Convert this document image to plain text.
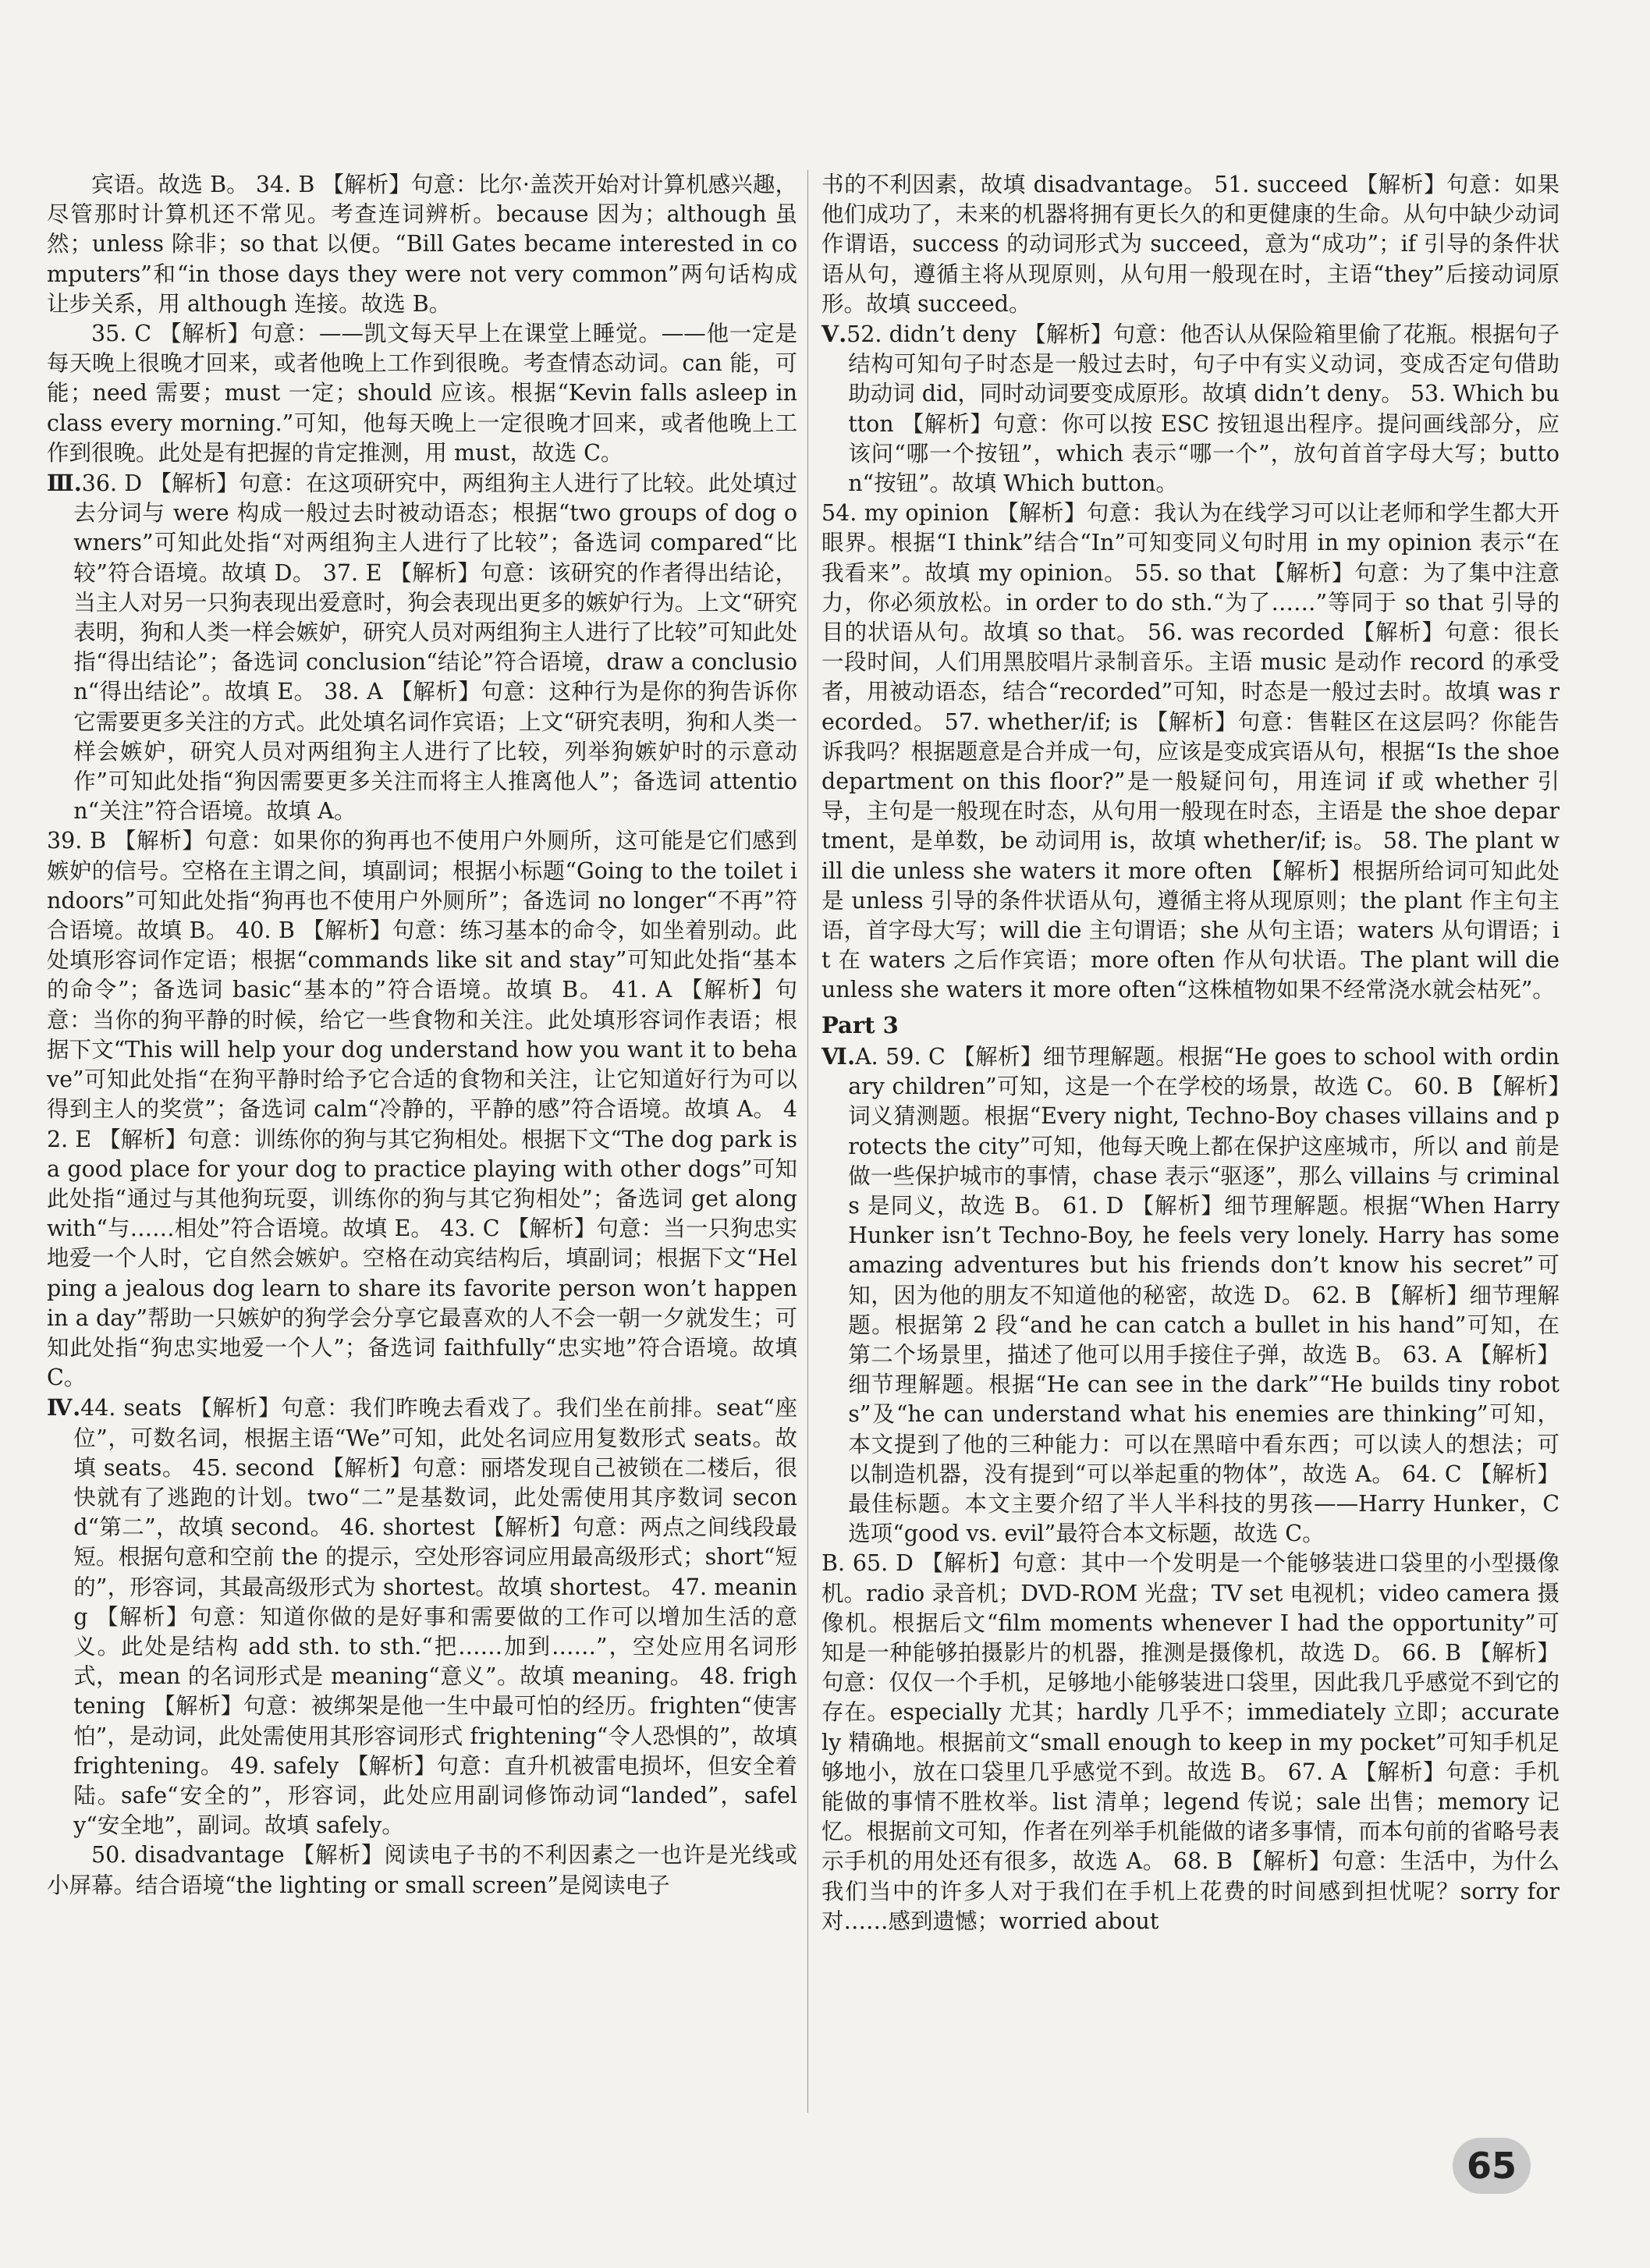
宾语。故选 B。 34. B 【解析】句意：比尔·盖茨开始对计算机感兴趣，尽管那时计算机还不常见。考查连词辨析。because 因为；although 虽然；unless 除非；so that 以便。“Bill Gates became interested in computers”和“in those days they were not very common”两句话构成让步关系，用 although 连接。故选 B。

35. C 【解析】句意：——凯文每天早上在课堂上睡觉。——他一定是每天晚上很晚才回来，或者他晚上工作到很晚。考查情态动词。can 能，可能；need 需要；must 一定；should 应该。根据“Kevin falls asleep in class every morning.”可知，他每天晚上一定很晚才回来，或者他晚上工作到很晚。此处是有把握的肯定推测，用 must，故选 C。

Ⅲ.36. D 【解析】句意：在这项研究中，两组狗主人进行了比较。此处填过去分词与 were 构成一般过去时被动语态；根据“two groups of dog owners”可知此处指“对两组狗主人进行了比较”；备选词 compared“比较”符合语境。故填 D。 37. E 【解析】句意：该研究的作者得出结论，当主人对另一只狗表现出爱意时，狗会表现出更多的嫉妒行为。上文“研究表明，狗和人类一样会嫉妒，研究人员对两组狗主人进行了比较”可知此处指“得出结论”；备选词 conclusion“结论”符合语境，draw a conclusion“得出结论”。故填 E。 38. A 【解析】句意：这种行为是你的狗告诉你它需要更多关注的方式。此处填名词作宾语；上文“研究表明，狗和人类一样会嫉妒，研究人员对两组狗主人进行了比较，列举狗嫉妒时的示意动作”可知此处指“狗因需要更多关注而将主人推离他人”；备选词 attention“关注”符合语境。故填 A。

39. B 【解析】句意：如果你的狗再也不使用户外厕所，这可能是它们感到嫉妒的信号。空格在主谓之间，填副词；根据小标题“Going to the toilet indoors”可知此处指“狗再也不使用户外厕所”；备选词 no longer“不再”符合语境。故填 B。 40. B 【解析】句意：练习基本的命令，如坐着别动。此处填形容词作定语；根据“commands like sit and stay”可知此处指“基本的命令”；备选词 basic“基本的”符合语境。故填 B。 41. A 【解析】句意：当你的狗平静的时候，给它一些食物和关注。此处填形容词作表语；根据下文“This will help your dog understand how you want it to behave”可知此处指“在狗平静时给予它合适的食物和关注，让它知道好行为可以得到主人的奖赏”；备选词 calm“冷静的，平静的感”符合语境。故填 A。 42. E 【解析】句意：训练你的狗与其它狗相处。根据下文“The dog park is a good place for your dog to practice playing with other dogs”可知此处指“通过与其他狗玩耍，训练你的狗与其它狗相处”；备选词 get along with“与……相处”符合语境。故填 E。 43. C 【解析】句意：当一只狗忠实地爱一个人时，它自然会嫉妒。空格在动宾结构后，填副词；根据下文“Helping a jealous dog learn to share its favorite person won’t happen in a day”帮助一只嫉妒的狗学会分享它最喜欢的人不会一朝一夕就发生；可知此处指“狗忠实地爱一个人”；备选词 faithfully“忠实地”符合语境。故填 C。

Ⅳ.44. seats 【解析】句意：我们昨晚去看戏了。我们坐在前排。seat“座位”，可数名词，根据主语“We”可知，此处名词应用复数形式 seats。故填 seats。 45. second 【解析】句意：丽塔发现自己被锁在二楼后，很快就有了逃跑的计划。two“二”是基数词，此处需使用其序数词 second“第二”，故填 second。 46. shortest 【解析】句意：两点之间线段最短。根据句意和空前 the 的提示，空处形容词应用最高级形式；short“短的”，形容词，其最高级形式为 shortest。故填 shortest。 47. meaning 【解析】句意：知道你做的是好事和需要做的工作可以增加生活的意义。此处是结构 add sth. to sth.“把……加到……”，空处应用名词形式，mean 的名词形式是 meaning“意义”。故填 meaning。 48. frightening 【解析】句意：被绑架是他一生中最可怕的经历。frighten“使害怕”，是动词，此处需使用其形容词形式 frightening“令人恐惧的”，故填 frightening。 49. safely 【解析】句意：直升机被雷电损坏，但安全着陆。safe“安全的”，形容词，此处应用副词修饰动词“landed”，safely“安全地”，副词。故填 safely。

50. disadvantage 【解析】阅读电子书的不利因素之一也许是光线或小屏幕。结合语境“the lighting or small screen”是阅读电子

书的不利因素，故填 disadvantage。 51. succeed 【解析】句意：如果他们成功了，未来的机器将拥有更长久的和更健康的生命。从句中缺少动词作谓语，success 的动词形式为 succeed，意为“成功”；if 引导的条件状语从句，遵循主将从现原则，从句用一般现在时，主语“they”后接动词原形。故填 succeed。

Ⅴ.52. didn’t deny 【解析】句意：他否认从保险箱里偷了花瓶。根据句子结构可知句子时态是一般过去时，句子中有实义动词，变成否定句借助助动词 did，同时动词要变成原形。故填 didn’t deny。 53. Which button 【解析】句意：你可以按 ESC 按钮退出程序。提问画线部分，应该问“哪一个按钮”，which 表示“哪一个”，放句首首字母大写；button“按钮”。故填 Which button。

54. my opinion 【解析】句意：我认为在线学习可以让老师和学生都大开眼界。根据“I think”结合“In”可知变同义句时用 in my opinion 表示“在我看来”。故填 my opinion。 55. so that 【解析】句意：为了集中注意力，你必须放松。in order to do sth.“为了……”等同于 so that 引导的目的状语从句。故填 so that。 56. was recorded 【解析】句意：很长一段时间，人们用黑胶唱片录制音乐。主语 music 是动作 record 的承受者，用被动语态，结合“recorded”可知，时态是一般过去时。故填 was recorded。 57. whether/if; is 【解析】句意：售鞋区在这层吗？你能告诉我吗？根据题意是合并成一句，应该是变成宾语从句，根据“Is the shoe department on this floor?”是一般疑问句，用连词 if 或 whether 引导，主句是一般现在时态，从句用一般现在时态，主语是 the shoe department，是单数，be 动词用 is，故填 whether/if; is。 58. The plant will die unless she waters it more often 【解析】根据所给词可知此处是 unless 引导的条件状语从句，遵循主将从现原则；the plant 作主句主语，首字母大写；will die 主句谓语；she 从句主语；waters 从句谓语；it 在 waters 之后作宾语；more often 作从句状语。The plant will die unless she waters it more often“这株植物如果不经常浇水就会枯死”。

Part 3

Ⅵ.A. 59. C 【解析】细节理解题。根据“He goes to school with ordinary children”可知，这是一个在学校的场景，故选 C。 60. B 【解析】词义猜测题。根据“Every night, Techno-Boy chases villains and protects the city”可知，他每天晚上都在保护这座城市，所以 and 前是做一些保护城市的事情，chase 表示“驱逐”，那么 villains 与 criminals 是同义，故选 B。 61. D 【解析】细节理解题。根据“When Harry Hunker isn’t Techno-Boy, he feels very lonely. Harry has some amazing adventures but his friends don’t know his secret”可知，因为他的朋友不知道他的秘密，故选 D。 62. B 【解析】细节理解题。根据第 2 段“and he can catch a bullet in his hand”可知，在第二个场景里，描述了他可以用手接住子弹，故选 B。 63. A 【解析】细节理解题。根据“He can see in the dark”“He builds tiny robots”及“he can understand what his enemies are thinking”可知，本文提到了他的三种能力：可以在黑暗中看东西；可以读人的想法；可以制造机器，没有提到“可以举起重的物体”，故选 A。 64. C 【解析】最佳标题。本文主要介绍了半人半科技的男孩——Harry Hunker，C 选项“good vs. evil”最符合本文标题，故选 C。

B. 65. D 【解析】句意：其中一个发明是一个能够装进口袋里的小型摄像机。radio 录音机；DVD-ROM 光盘；TV set 电视机；video camera 摄像机。根据后文“film moments whenever I had the opportunity”可知是一种能够拍摄影片的机器，推测是摄像机，故选 D。 66. B 【解析】句意：仅仅一个手机，足够地小能够装进口袋里，因此我几乎感觉不到它的存在。especially 尤其；hardly 几乎不；immediately 立即；accurately 精确地。根据前文“small enough to keep in my pocket”可知手机足够地小，放在口袋里几乎感觉不到。故选 B。 67. A 【解析】句意：手机能做的事情不胜枚举。list 清单；legend 传说；sale 出售；memory 记忆。根据前文可知，作者在列举手机能做的诸多事情，而本句前的省略号表示手机的用处还有很多，故选 A。 68. B 【解析】句意：生活中，为什么我们当中的许多人对于我们在手机上花费的时间感到担忧呢？sorry for 对……感到遗憾；worried about

65
